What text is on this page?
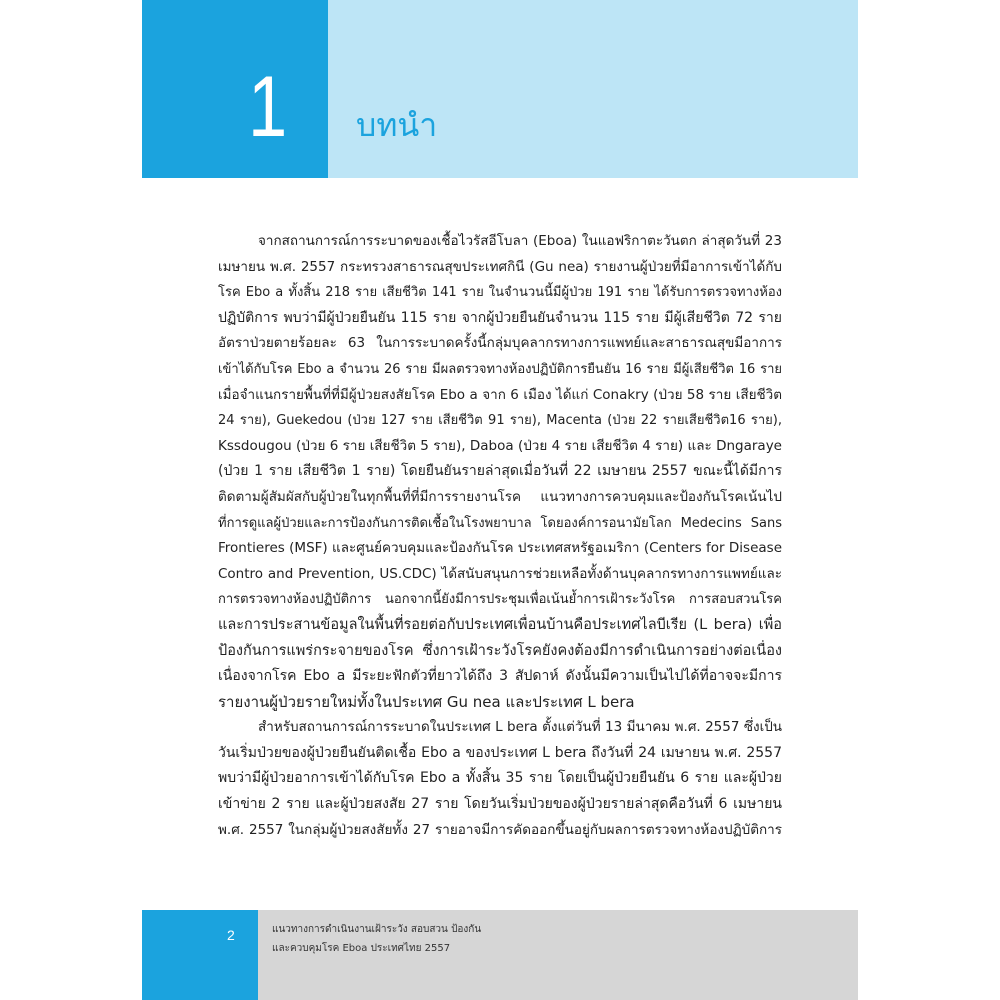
1 บทนำ
จากสถานการณ์การระบาดของเชื้อไวรัสอีโบลา (Eboa) ในแอฟริกาตะวันตก ล่าสุดวันที่ 23
เมษายน พ.ศ. 2557 กระทรวงสาธารณสุขประเทศกินี (Gu nea) รายงานผู้ป่วยที่มีอาการเข้าได้กับ
โรค Ebo a ทั้งสิ้น 218 ราย เสียชีวิต 141 ราย ในจำนวนนี้มีผู้ป่วย 191 ราย ได้รับการตรวจทางห้อง
ปฏิบัติการ พบว่ามีผู้ป่วยยืนยัน 115 ราย จากผู้ป่วยยืนยันจำนวน 115 ราย มีผู้เสียชีวิต 72 ราย
อัตราป่วยตายร้อยละ 63 ในการระบาดครั้งนี้กลุ่มบุคลากรทางการแพทย์และสาธารณสุขมีอาการ
เข้าได้กับโรค Ebo a จำนวน 26 ราย มีผลตรวจทางห้องปฏิบัติการยืนยัน 16 ราย มีผู้เสียชีวิต 16 ราย
เมื่อจำแนกรายพื้นที่ที่มีผู้ป่วยสงสัยโรค Ebo a จาก 6 เมือง ได้แก่ Conakry (ป่วย 58 ราย เสียชีวิต
24 ราย), Guekedou (ป่วย 127 ราย เสียชีวิต 91 ราย), Macenta (ป่วย 22 รายเสียชีวิต16 ราย),
Kssdougou (ป่วย 6 ราย เสียชีวิต 5 ราย), Daboa (ป่วย 4 ราย เสียชีวิต 4 ราย) และ Dngaraye
(ป่วย 1 ราย เสียชีวิต 1 ราย) โดยยืนยันรายล่าสุดเมื่อวันที่ 22 เมษายน 2557 ขณะนี้ได้มีการ
ติดตามผู้สัมผัสกับผู้ป่วยในทุกพื้นที่ที่มีการรายงานโรค แนวทางการควบคุมและป้องกันโรคเน้นไป
ที่การดูแลผู้ป่วยและการป้องกันการติดเชื้อในโรงพยาบาล โดยองค์การอนามัยโลก Medecins Sans
Frontieres (MSF) และศูนย์ควบคุมและป้องกันโรค ประเทศสหรัฐอเมริกา (Centers for Disease
Contro and Prevention, US.CDC) ได้สนับสนุนการช่วยเหลือทั้งด้านบุคลากรทางการแพทย์และ
การตรวจทางห้องปฏิบัติการ นอกจากนี้ยังมีการประชุมเพื่อเน้นย้ำการเฝ้าระวังโรค การสอบสวนโรค
และการประสานข้อมูลในพื้นที่รอยต่อกับประเทศเพื่อนบ้านคือประเทศไลบีเรีย (L bera) เพื่อ
ป้องกันการแพร่กระจายของโรค ซึ่งการเฝ้าระวังโรคยังคงต้องมีการดำเนินการอย่างต่อเนื่อง
เนื่องจากโรค Ebo a มีระยะฟักตัวที่ยาวได้ถึง 3 สัปดาห์ ดังนั้นมีความเป็นไปได้ที่อาจจะมีการ
รายงานผู้ป่วยรายใหม่ทั้งในประเทศ Gu nea และประเทศ L bera
สำหรับสถานการณ์การระบาดในประเทศ L bera ตั้งแต่วันที่ 13 มีนาคม พ.ศ. 2557 ซึ่งเป็น
วันเริ่มป่วยของผู้ป่วยยืนยันติดเชื้อ Ebo a ของประเทศ L bera ถึงวันที่ 24 เมษายน พ.ศ. 2557
พบว่ามีผู้ป่วยอาการเข้าได้กับโรค Ebo a ทั้งสิ้น 35 ราย โดยเป็นผู้ป่วยยืนยัน 6 ราย และผู้ป่วย
เข้าข่าย 2 ราย และผู้ป่วยสงสัย 27 ราย โดยวันเริ่มป่วยของผู้ป่วยรายล่าสุดคือวันที่ 6 เมษายน
พ.ศ. 2557 ในกลุ่มผู้ป่วยสงสัยทั้ง 27 รายอาจมีการคัดออกขึ้นอยู่กับผลการตรวจทางห้องปฏิบัติการ
2	แนวทางการดำเนินงานเฝ้าระวัง สอบสวน ป้องกัน
และควบคุมโรค Eboa ประเทศไทย 2557
